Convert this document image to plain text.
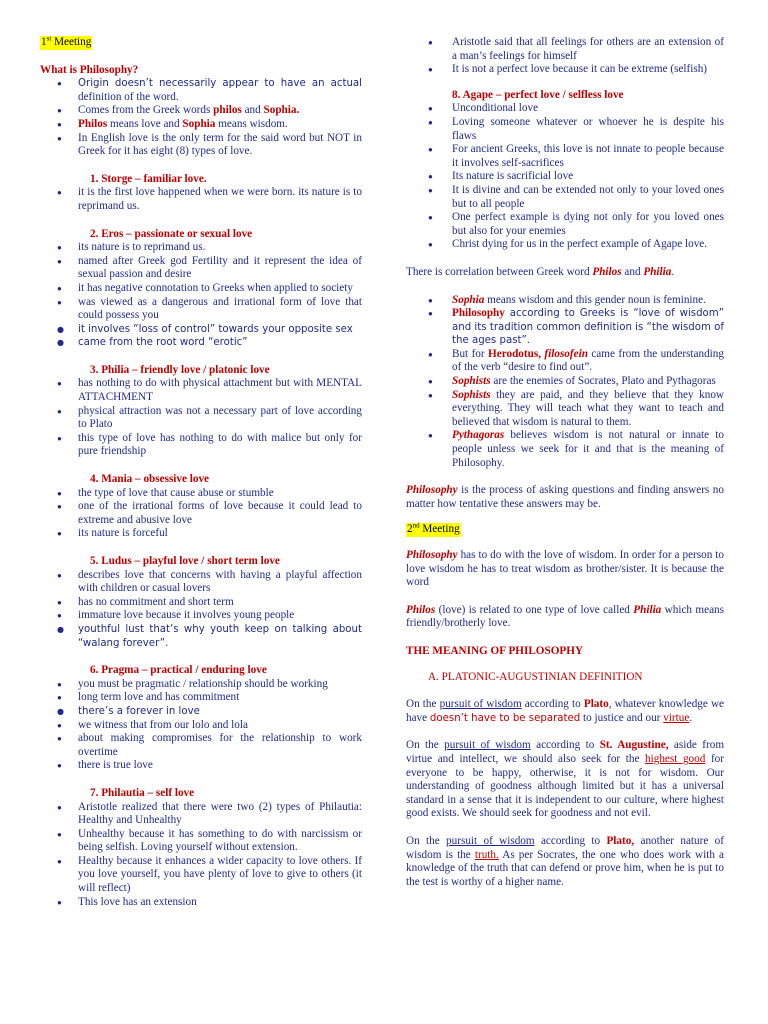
1st Meeting
What is Philosophy?
● Origin doesn’t necessarily appear to have an actual definition of the word.
● Comes from the Greek words philos and Sophia.
● Philos means love and Sophia means wisdom.
● In English love is the only term for the said word but NOT in Greek for it has eight (8) types of love.
1. Storge – familiar love.
● it is the first love happened when we were born. its nature is to reprimand us.
2. Eros – passionate or sexual love
● its nature is to reprimand us.
● named after Greek god Fertility and it represent the idea of sexual passion and desire
● it has negative connotation to Greeks when applied to society
● was viewed as a dangerous and irrational form of love that could possess you
● it involves “loss of control” towards your opposite sex
● came from the root word “erotic”
3. Philia – friendly love / platonic love
● has nothing to do with physical attachment but with MENTAL ATTACHMENT
● physical attraction was not a necessary part of love according to Plato
● this type of love has nothing to do with malice but only for pure friendship
4. Mania – obsessive love
● the type of love that cause abuse or stumble
● one of the irrational forms of love because it could lead to extreme and abusive love
● its nature is forceful
5. Ludus – playful love / short term love
● describes love that concerns with having a playful affection with children or casual lovers
● has no commitment and short term
● immature love because it involves young people
● youthful lust that’s why youth keep on talking about “walang forever”.
6. Pragma – practical / enduring love
● you must be pragmatic / relationship should be working
● long term love and has commitment
● there’s a forever in love
● we witness that from our lolo and lola
● about making compromises for the relationship to work overtime
● there is true love
7. Philautia – self love
● Aristotle realized that there were two (2) types of Philautia: Healthy and Unhealthy
● Unhealthy because it has something to do with narcissism or being selfish. Loving yourself without extension.
● Healthy because it enhances a wider capacity to love others. If you love yourself, you have plenty of love to give to others (it will reflect)
● This love has an extension
● Aristotle said that all feelings for others are an extension of a man’s feelings for himself
● It is not a perfect love because it can be extreme (selfish)
8. Agape – perfect love / selfless love
● Unconditional love
● Loving someone whatever or whoever he is despite his flaws
● For ancient Greeks, this love is not innate to people because it involves self-sacrifices
● Its nature is sacrificial love
● It is divine and can be extended not only to your loved ones but to all people
● One perfect example is dying not only for you loved ones but also for your enemies
● Christ dying for us in the perfect example of Agape love.

There is correlation between Greek word Philos and Philia.

● Sophia means wisdom and this gender noun is feminine.
● Philosophy according to Greeks is “love of wisdom” and its tradition common definition is “the wisdom of the ages past”.
● But for Herodotus, filosofein came from the understanding of the verb “desire to find out”.
● Sophists are the enemies of Socrates, Plato and Pythagoras
● Sophists they are paid, and they believe that they know everything. They will teach what they want to teach and believed that wisdom is natural to them.
● Pythagoras believes wisdom is not natural or innate to people unless we seek for it and that is the meaning of Philosophy.

Philosophy is the process of asking questions and finding answers no matter how tentative these answers may be.

2nd Meeting

Philosophy has to do with the love of wisdom. In order for a person to love wisdom he has to treat wisdom as brother/sister. It is because the word

Philos (love) is related to one type of love called Philia which means friendly/brotherly love.

THE MEANING OF PHILOSOPHY
A. PLATONIC-AUGUSTINIAN DEFINITION

On the pursuit of wisdom according to Plato, whatever knowledge we have doesn’t have to be separated to justice and our virtue.

On the pursuit of wisdom according to St. Augustine, aside from virtue and intellect, we should also seek for the highest good for everyone to be happy, otherwise, it is not for wisdom. Our understanding of goodness although limited but it has a universal standard in a sense that it is independent to our culture, where highest good exists. We should seek for goodness and not evil.

On the pursuit of wisdom according to Plato, another nature of wisdom is the truth. As per Socrates, the one who does work with a knowledge of the truth that can defend or prove him, when he is put to the test is worthy of a higher name.
